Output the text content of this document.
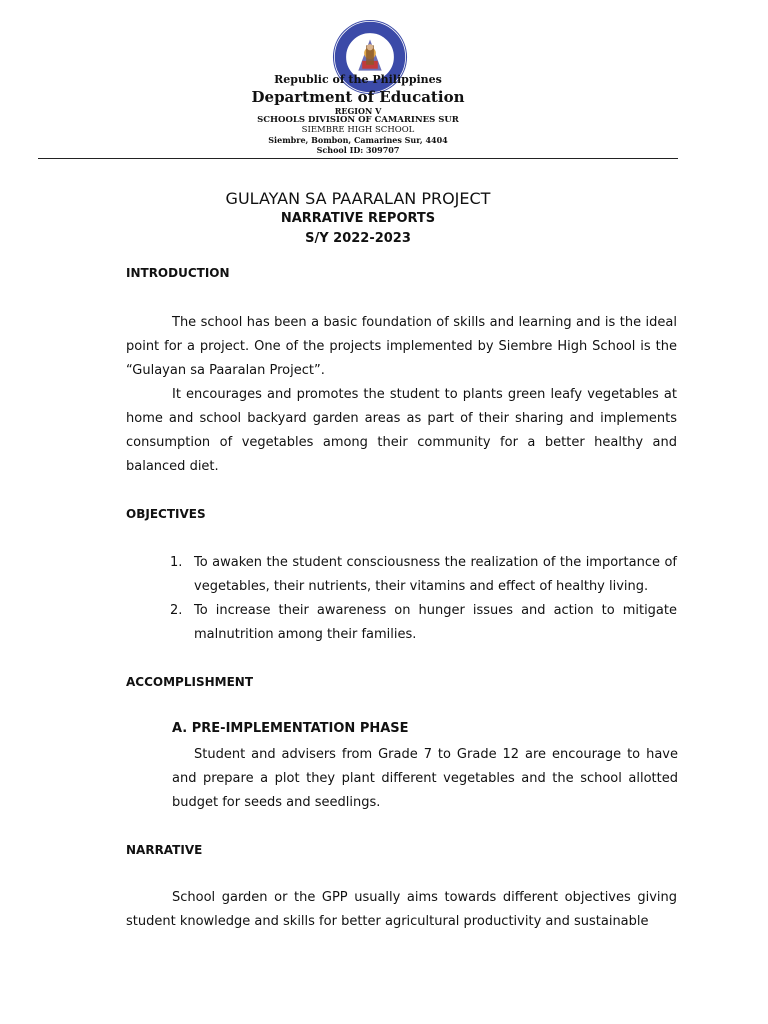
Republic of the Philippines
Department of Education
REGION V
SCHOOLS DIVISION OF CAMARINES SUR
SIEMBRE HIGH SCHOOL
Siembre, Bombon, Camarines Sur, 4404
School ID: 309707
GULAYAN SA PAARALAN PROJECT
NARRATIVE REPORTS
S/Y 2022-2023
INTRODUCTION

The school has been a basic foundation of skills and learning and is the ideal point for a project. One of the projects implemented by Siembre High School is the “Gulayan sa Paaralan Project”.

It encourages and promotes the student to plants green leafy vegetables at home and school backyard garden areas as part of their sharing and implements consumption of vegetables among their community for a better healthy and balanced diet.

OBJECTIVES
1. To awaken the student consciousness the realization of the importance of vegetables, their nutrients, their vitamins and effect of healthy living.
2. To increase their awareness on hunger issues and action to mitigate malnutrition among their families.
ACCOMPLISHMENT
A. PRE-IMPLEMENTATION PHASE

Student and advisers from Grade 7 to Grade 12 are encourage to have and prepare a plot they plant different vegetables and the school allotted budget for seeds and seedlings.

NARRATIVE

School garden or the GPP usually aims towards different objectives giving student knowledge and skills for better agricultural productivity and sustainable
